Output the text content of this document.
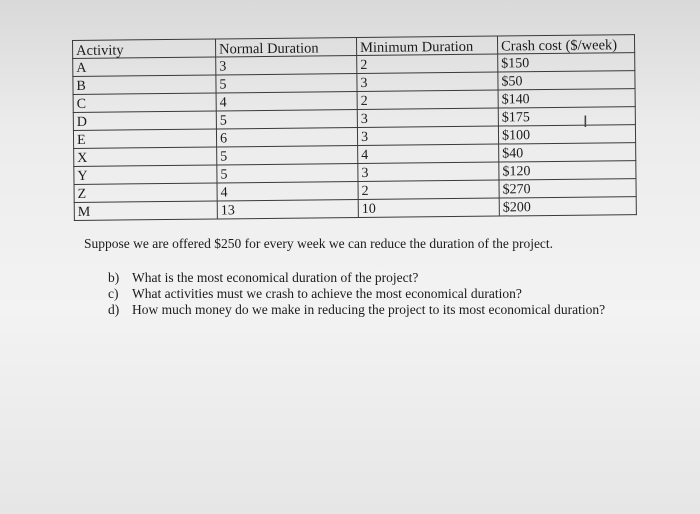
Activity	Normal Duration	Minimum Duration	Crash cost ($/week)
A	3	2	$150
B	5	3	$50
C	4	2	$140
D	5	3	$175
E	6	3	$100
X	5	4	$40
Y	5	3	$120
Z	4	2	$270
M	13	10	$200
I

Suppose we are offered $250 for every week we can reduce the duration of the project.

b) What is the most economical duration of the project?
c)	What activities must we crash to achieve the most economical duration?
d) How much money do we make in reducing the project to its most economical duration?
